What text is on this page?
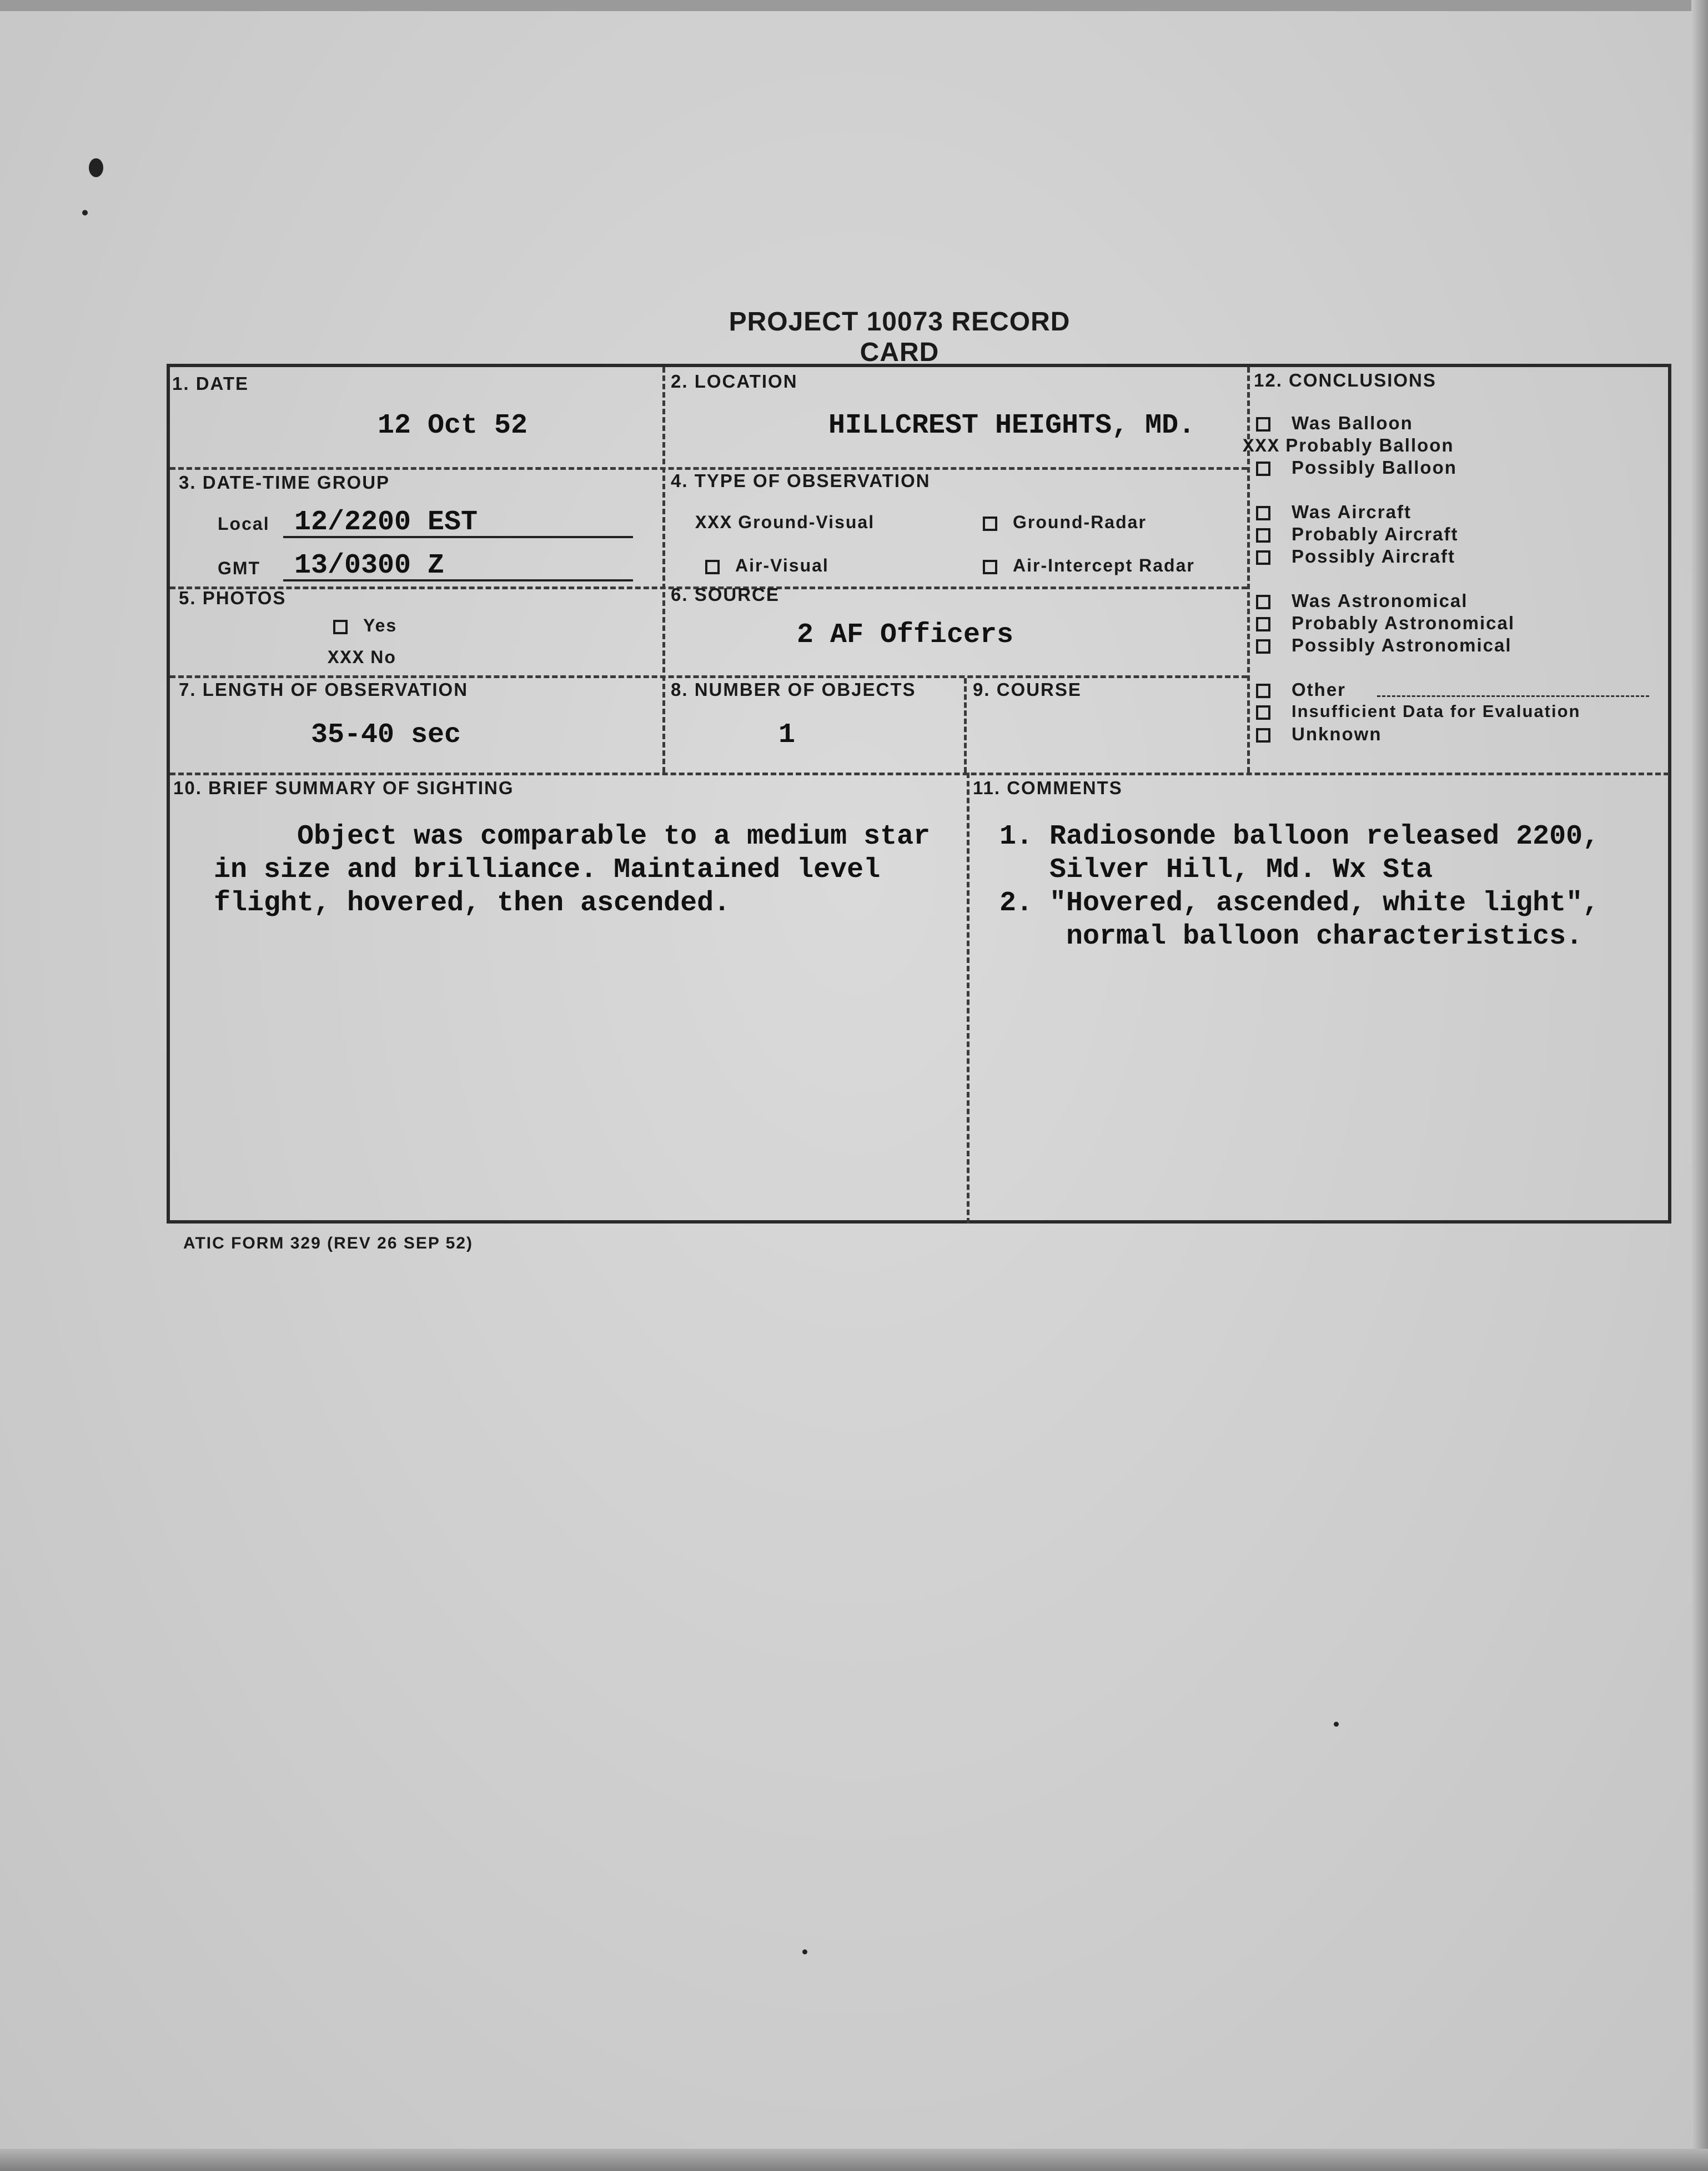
PROJECT 10073 RECORD CARD
1. DATE
12 Oct 52
2. LOCATION
HILLCREST HEIGHTS, MD.
3. DATE-TIME GROUP
Local 12/2200 EST
GMT 13/0300 Z
4. TYPE OF OBSERVATION
XXX Ground-Visual	Ground-Radar
Air-Visual	Air-Intercept Radar
5. PHOTOS
Yes
XXX No
6. SOURCE
2 AF Officers
7. LENGTH OF OBSERVATION
35-40 sec
8. NUMBER OF OBJECTS
1
9. COURSE
10. BRIEF SUMMARY OF SIGHTING
Object was comparable to a medium star
in size and brilliance. Maintained level
flight, hovered, then ascended.
11. COMMENTS
1. Radiosonde balloon released 2200,
Silver Hill, Md. Wx Sta
2. "Hovered, ascended, white light",
normal balloon characteristics.
12. CONCLUSIONS
Was Balloon
XXX Probably Balloon
Possibly Balloon
Was Aircraft
Probably Aircraft
Possibly Aircraft
Was Astronomical
Probably Astronomical
Possibly Astronomical
Other
Insufficient Data for Evaluation
Unknown
ATIC FORM 329 (REV 26 SEP 52)
